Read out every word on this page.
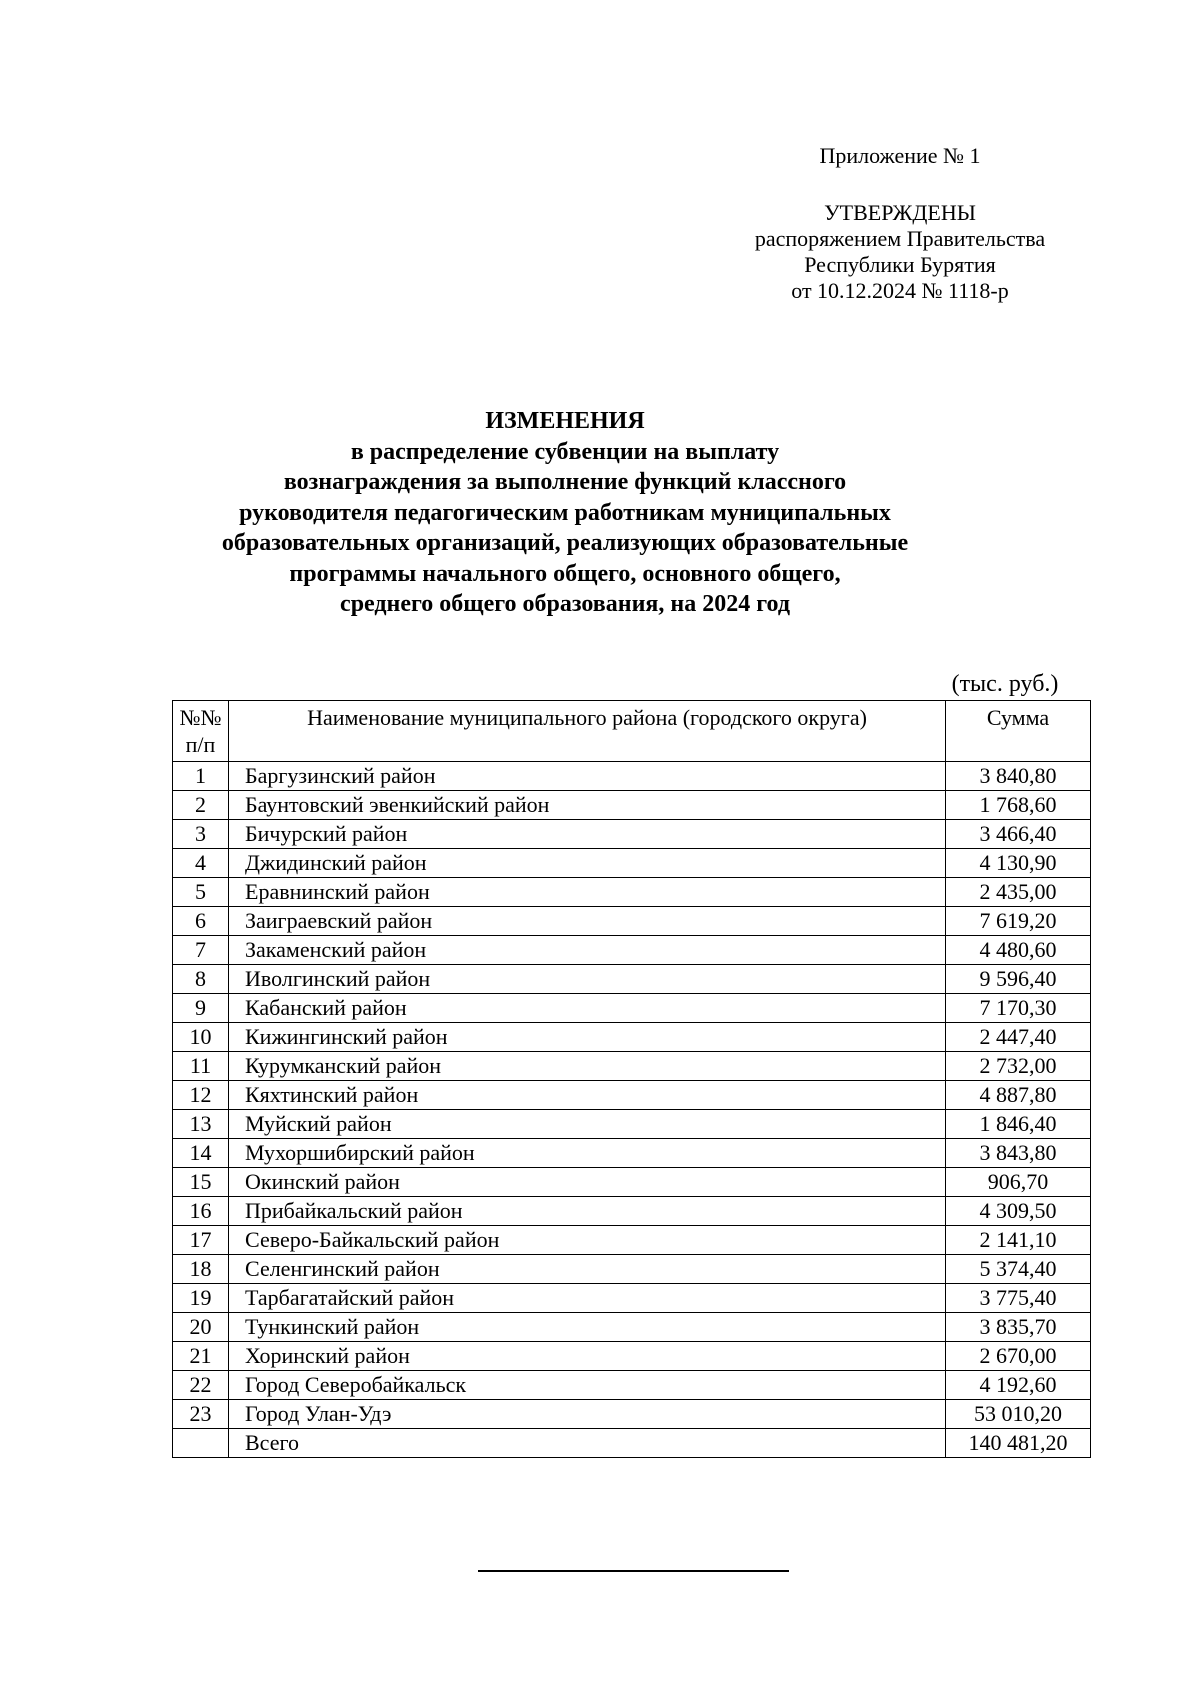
Приложение № 1
УТВЕРЖДЕНЫ
распоряжением Правительства
Республики Бурятия
от 10.12.2024 № 1118-р
ИЗМЕНЕНИЯ
в распределение субвенции на выплату
вознаграждения за выполнение функций классного
руководителя педагогическим работникам муниципальных
образовательных организаций, реализующих образовательные
программы начального общего, основного общего,
среднего общего образования, на 2024 год
(тыс. руб.)
№№
п/п	Наименование муниципального района (городского округа)	Сумма
1	Баргузинский район	3 840,80
2	Баунтовский эвенкийский район	1 768,60
3	Бичурский район	3 466,40
4	Джидинский район	4 130,90
5	Еравнинский район	2 435,00
6	Заиграевский район	7 619,20
7	Закаменский район	4 480,60
8	Иволгинский район	9 596,40
9	Кабанский район	7 170,30
10	Кижингинский район	2 447,40
11	Курумканский район	2 732,00
12	Кяхтинский район	4 887,80
13	Муйский район	1 846,40
14	Мухоршибирский район	3 843,80
15	Окинский район	906,70
16	Прибайкальский район	4 309,50
17	Северо-Байкальский район	2 141,10
18	Селенгинский район	5 374,40
19	Тарбагатайский район	3 775,40
20	Тункинский район	3 835,70
21	Хоринский район	2 670,00
22	Город Северобайкальск	4 192,60
23	Город Улан-Удэ	53 010,20
	Всего	140 481,20
